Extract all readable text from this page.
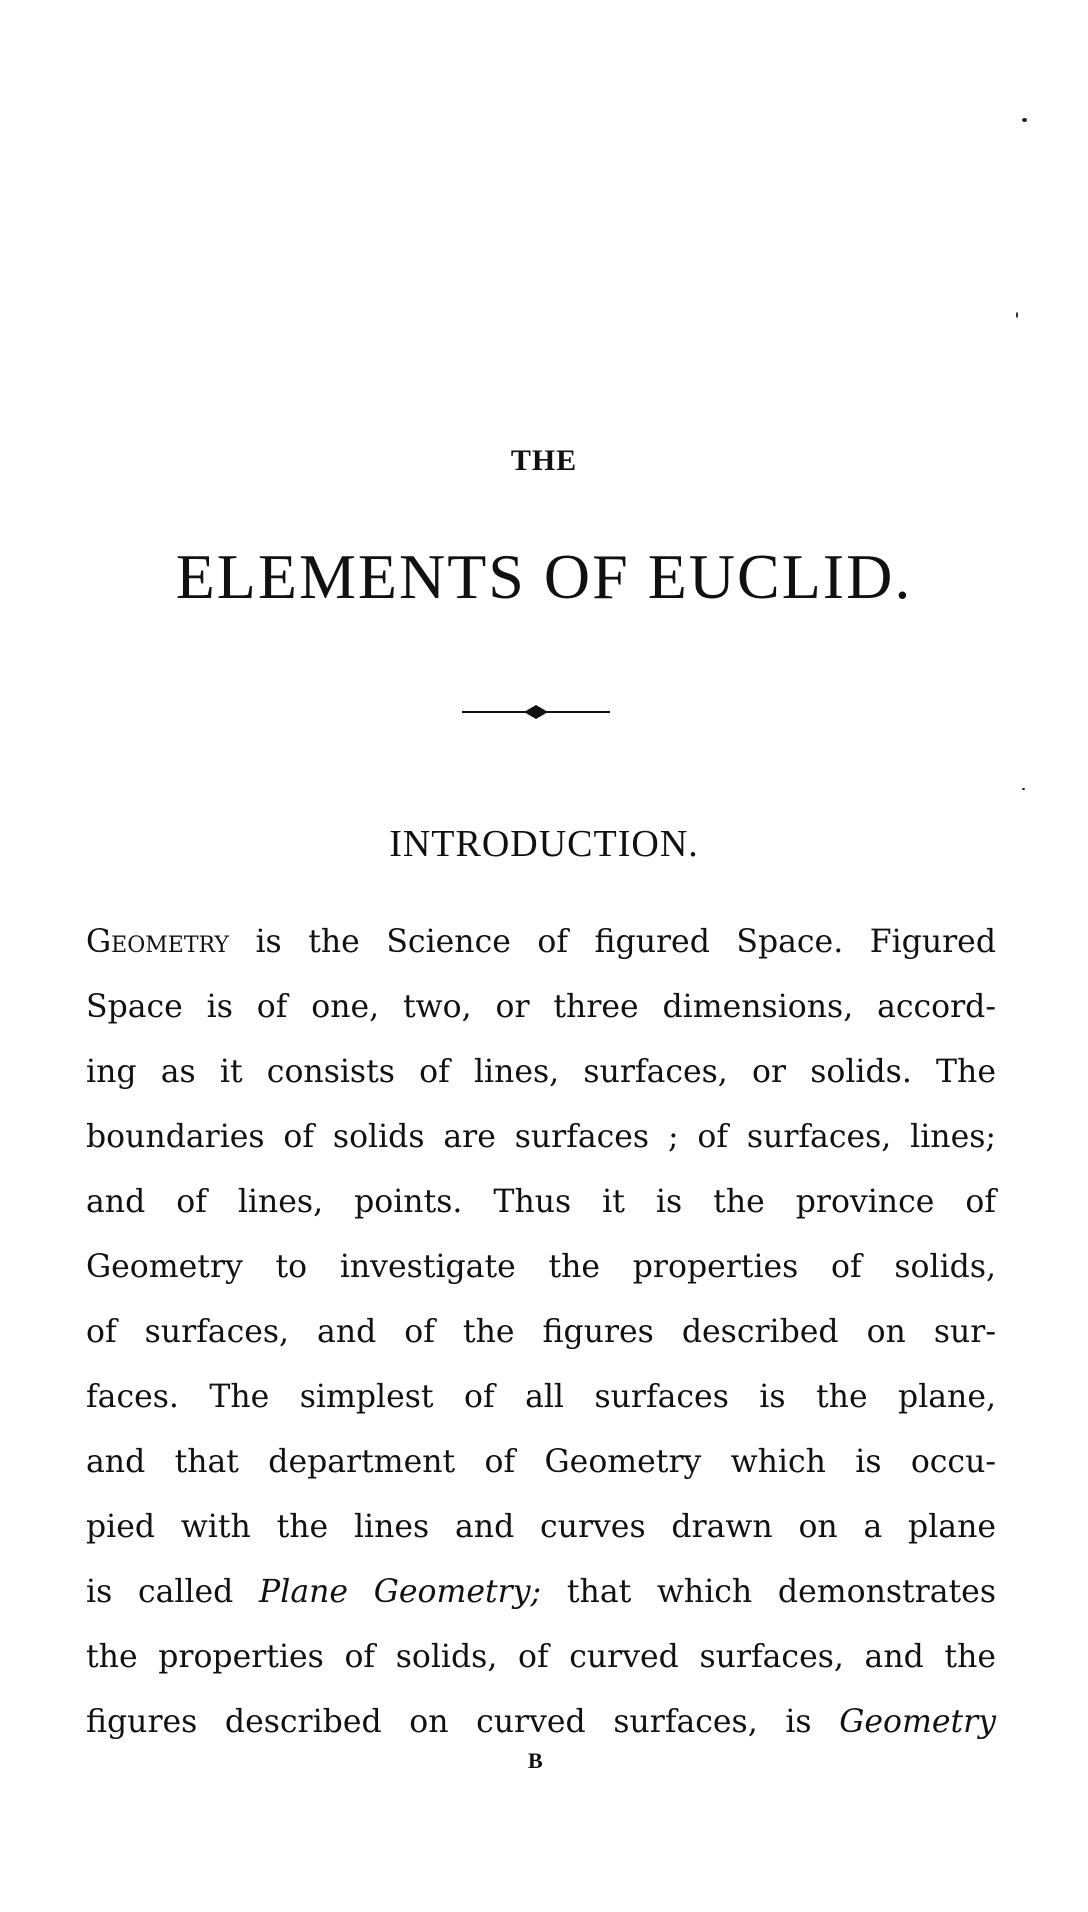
THE
ELEMENTS OF EUCLID.
INTRODUCTION.
Geometry is the Science of figured Space. Figured
Space is of one, two, or three dimensions, accord-
ing as it consists of lines, surfaces, or solids. The
boundaries of solids are surfaces ; of surfaces, lines;
and of lines, points. Thus it is the province of
Geometry to investigate the properties of solids,
of surfaces, and of the figures described on sur-
faces. The simplest of all surfaces is the plane,
and that department of Geometry which is occu-
pied with the lines and curves drawn on a plane
is called Plane Geometry; that which demonstrates
the properties of solids, of curved surfaces, and the
figures described on curved surfaces, is Geometry
B
